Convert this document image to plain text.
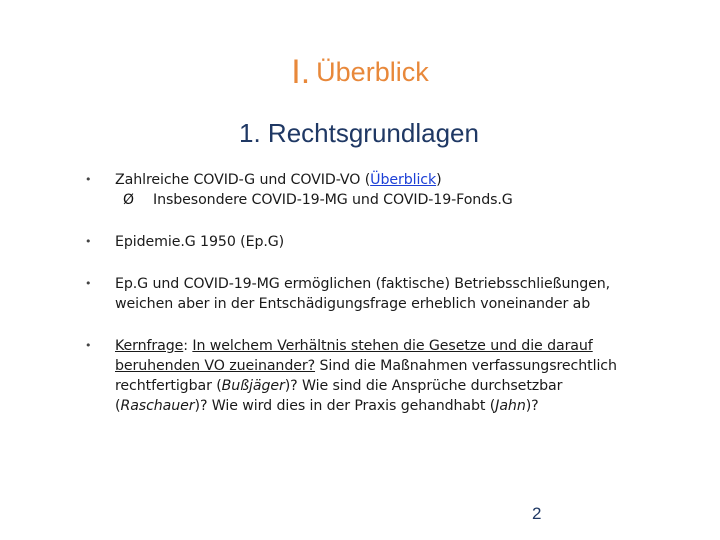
I. Überblick
1. Rechtsgrundlagen
• Zahlreiche COVID-G und COVID-VO (Überblick)
Ø Insbesondere COVID-19-MG und COVID-19-Fonds.G
• Epidemie.G 1950 (Ep.G)
• Ep.G und COVID-19-MG ermöglichen (faktische) Betriebsschließungen, weichen aber in der Entschädigungsfrage erheblich voneinander ab
• Kernfrage: In welchem Verhältnis stehen die Gesetze und die darauf beruhenden VO zueinander? Sind die Maßnahmen verfassungsrechtlich rechtfertigbar (Bußjäger)? Wie sind die Ansprüche durchsetzbar (Raschauer)? Wie wird dies in der Praxis gehandhabt (Jahn)?
2
